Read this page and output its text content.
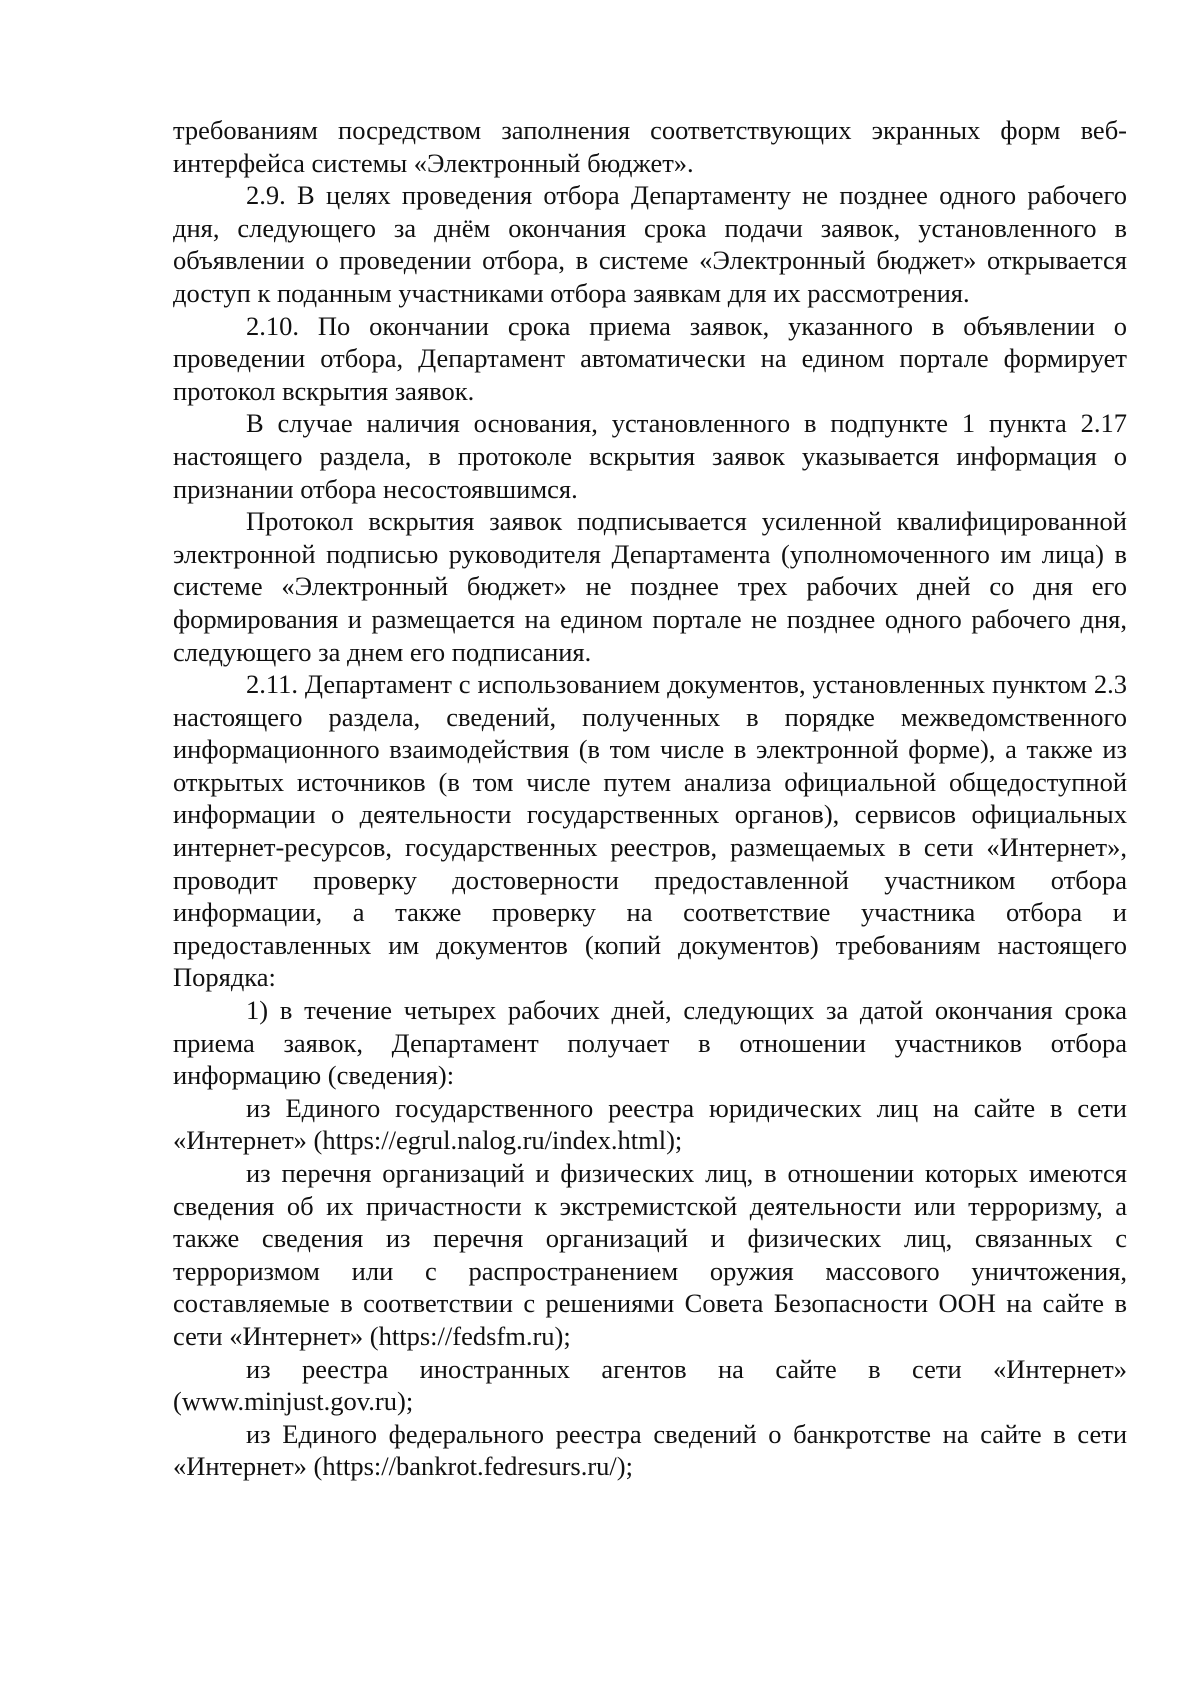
требованиям посредством заполнения соответствующих экранных форм веб-интерфейса системы «Электронный бюджет».

2.9. В целях проведения отбора Департаменту не позднее одного рабочего дня, следующего за днём окончания срока подачи заявок, установленного в объявлении о проведении отбора, в системе «Электронный бюджет» открывается доступ к поданным участниками отбора заявкам для их рассмотрения.

2.10. По окончании срока приема заявок, указанного в объявлении о проведении отбора, Департамент автоматически на едином портале формирует протокол вскрытия заявок.

В случае наличия основания, установленного в подпункте 1 пункта 2.17 настоящего раздела, в протоколе вскрытия заявок указывается информация о признании отбора несостоявшимся.

Протокол вскрытия заявок подписывается усиленной квалифицированной электронной подписью руководителя Департамента (уполномоченного им лица) в системе «Электронный бюджет» не позднее трех рабочих дней со дня его формирования и размещается на едином портале не позднее одного рабочего дня, следующего за днем его подписания.

2.11. Департамент с использованием документов, установленных пунктом 2.3 настоящего раздела, сведений, полученных в порядке межведомственного информационного взаимодействия (в том числе в электронной форме), а также из открытых источников (в том числе путем анализа официальной общедоступной информации о деятельности государственных органов), сервисов официальных интернет-ресурсов, государственных реестров, размещаемых в сети «Интернет», проводит проверку достоверности предоставленной участником отбора информации, а также проверку на соответствие участника отбора и предоставленных им документов (копий документов) требованиям настоящего Порядка:

1) в течение четырех рабочих дней, следующих за датой окончания срока приема заявок, Департамент получает в отношении участников отбора информацию (сведения):

из Единого государственного реестра юридических лиц на сайте в сети «Интернет» (https://egrul.nalog.ru/index.html);

из перечня организаций и физических лиц, в отношении которых имеются сведения об их причастности к экстремистской деятельности или терроризму, а также сведения из перечня организаций и физических лиц, связанных с терроризмом или с распространением оружия массового уничтожения, составляемые в соответствии с решениями Совета Безопасности ООН на сайте в сети «Интернет» (https://fedsfm.ru);

из реестра иностранных агентов на сайте в сети «Интернет» (www.minjust.gov.ru);

из Единого федерального реестра сведений о банкротстве на сайте в сети «Интернет» (https://bankrot.fedresurs.ru/);
